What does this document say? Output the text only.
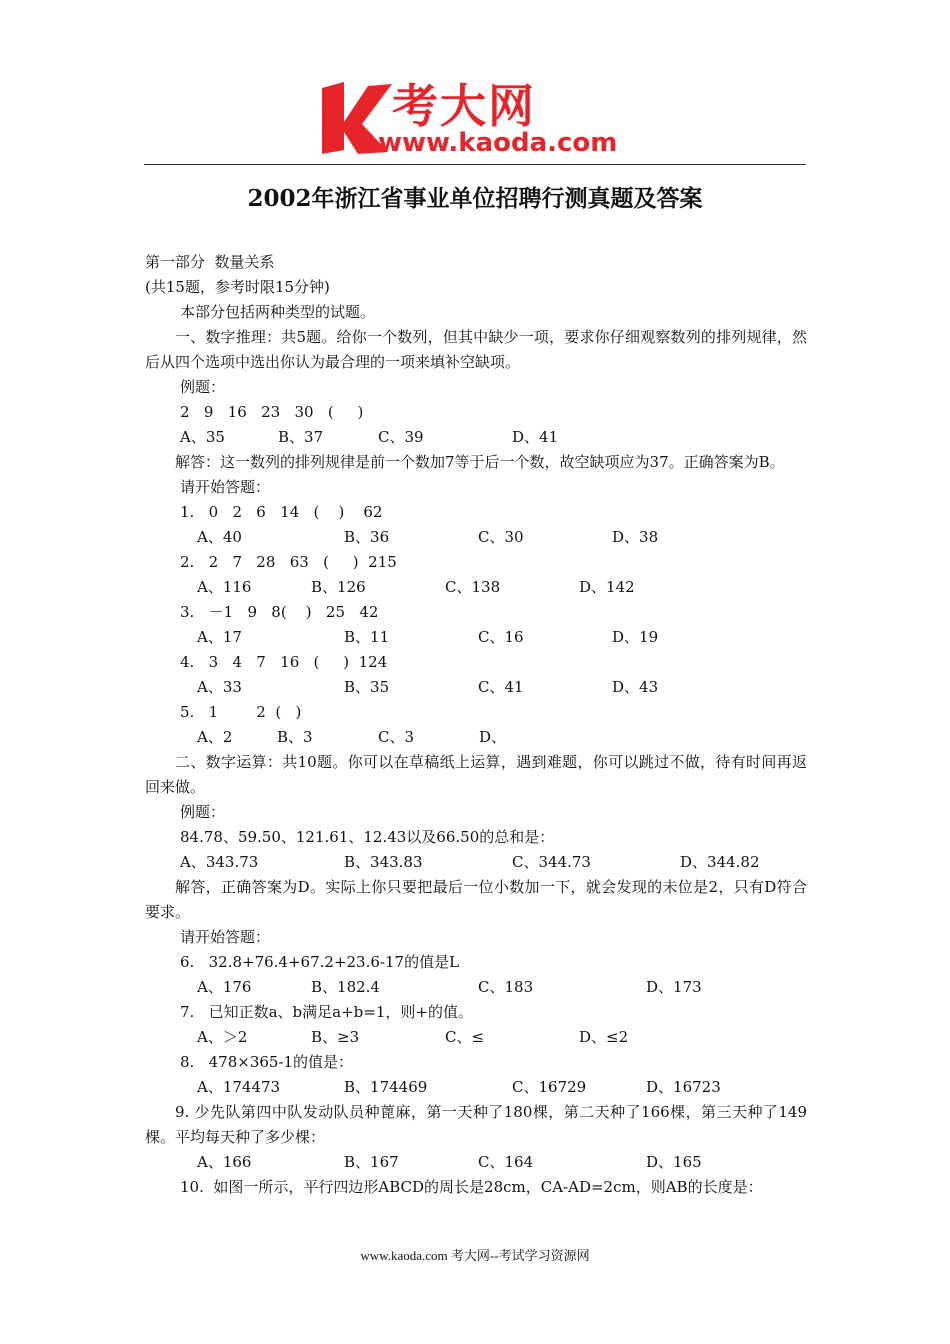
考大网
www.kaoda.com
2002年浙江省事业单位招聘行测真题及答案

第一部分  数量关系

(共15题，参考时限15分钟)

本部分包括两种类型的试题。

一、数字推理：共5题。给你一个数列，但其中缺少一项，要求你仔细观察数列的排列规律，然后从四个选项中选出你认为最合理的一项来填补空缺项。

例题：

2   9   16   23   30   (     )

A、35	B、37	C、39	D、41

解答：这一数列的排列规律是前一个数加7等于后一个数，故空缺项应为37。正确答案为B。

请开始答题：

1.   0   2   6   14   (    )    62

A、40	B、36	C、30	D、38

2.   2   7   28   63   (     )  215

A、116	B、126	C、138	D、142

3.   －1   9   8(    )   25   42

A、17	B、11	C、16	D、19

4.   3   4   7   16   (     )  124

A、33	B、35	C、41	D、43

5.   1        2  (   )

A、2	B、3	C、3	D、

二、数字运算：共10题。你可以在草稿纸上运算，遇到难题，你可以跳过不做，待有时间再返回来做。

例题：

84.78、59.50、121.61、12.43以及66.50的总和是：

A、343.73	B、343.83	C、344.73	D、344.82

解答，正确答案为D。实际上你只要把最后一位小数加一下，就会发现的未位是2，只有D符合要求。

请开始答题：

6.   32.8+76.4+67.2+23.6-17的值是L

A、176	B、182.4	C、183	D、173

7.   已知正数a、b满足a+b=1，则+的值。

A、＞2	B、≥3	C、≤	D、≤2

8.   478×365-1的值是：

A、174473	B、174469	C、16729	D、16723

9. 少先队第四中队发动队员种蓖麻，第一天种了180棵，第二天种了166棵，第三天种了149棵。平均每天种了多少棵：

A、166	B、167	C、164	D、165

10.  如图一所示，平行四边形ABCD的周长是28cm，CA-AD=2cm，则AB的长度是：

www.kaoda.com 考大网--考试学习资源网
